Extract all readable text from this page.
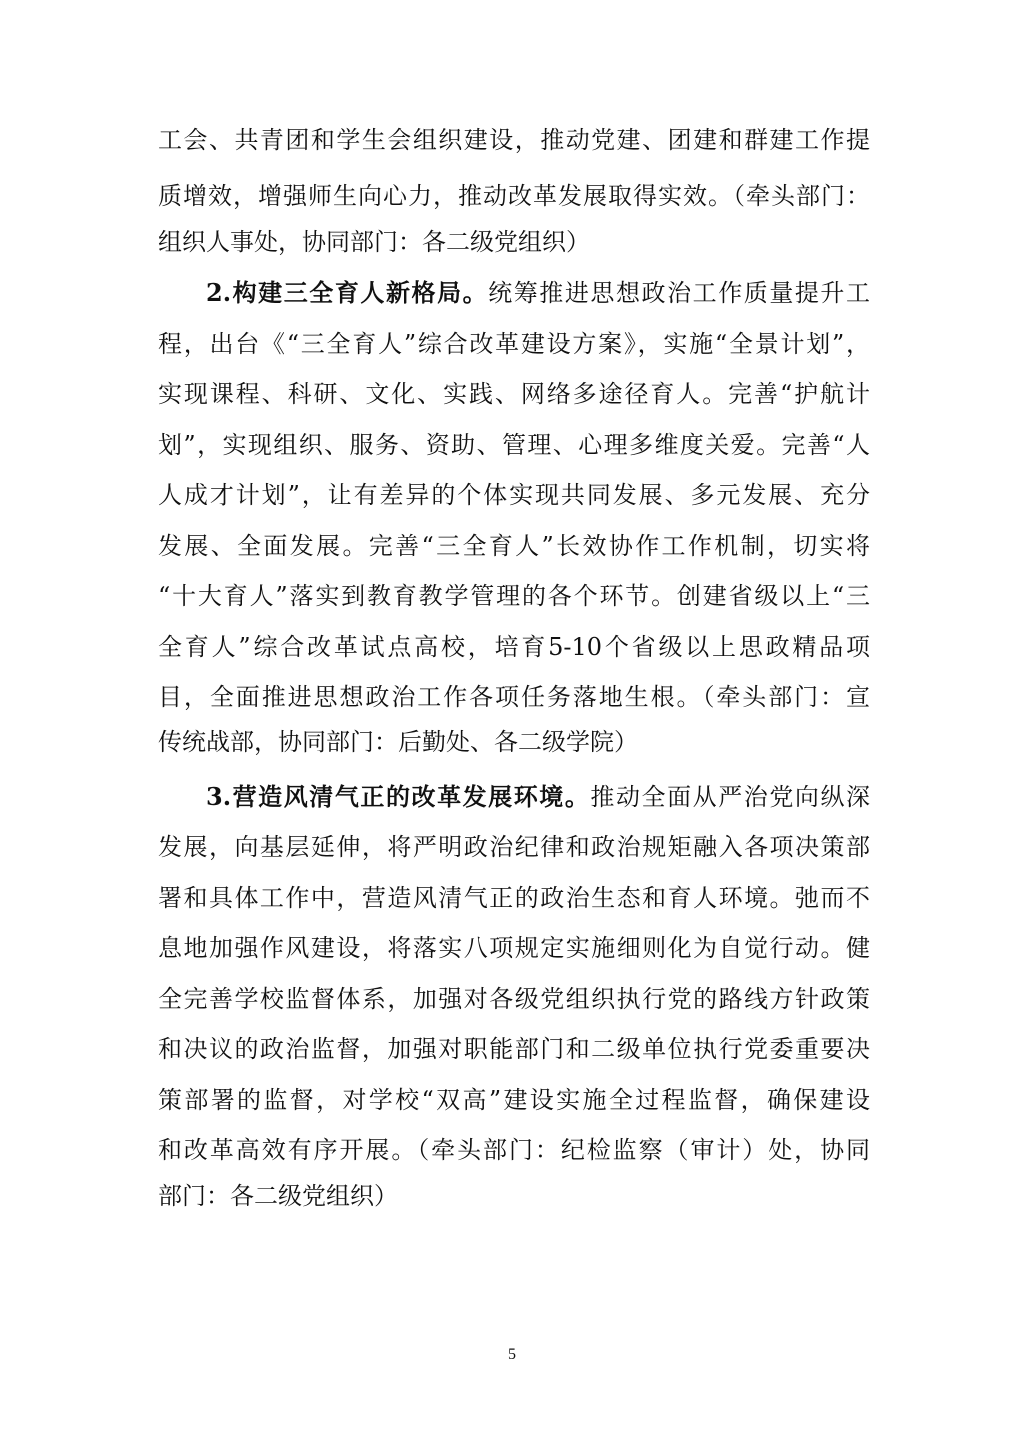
工会、共青团和学生会组织建设，推动党建、团建和群建工作提
质增效，增强师生向心力，推动改革发展取得实效。（牵头部门：
组织人事处，协同部门：各二级党组织）
2.构建三全育人新格局。统筹推进思想政治工作质量提升工
程，出台《“三全育人”综合改革建设方案》，实施“全景计划”，
实现课程、科研、文化、实践、网络多途径育人。完善“护航计
划”，实现组织、服务、资助、管理、心理多维度关爱。完善“人
人成才计划”，让有差异的个体实现共同发展、多元发展、充分
发展、全面发展。完善“三全育人”长效协作工作机制，切实将
“十大育人”落实到教育教学管理的各个环节。创建省级以上“三
全育人”综合改革试点高校，培育5-10个省级以上思政精品项
目，全面推进思想政治工作各项任务落地生根。（牵头部门：宣
传统战部，协同部门：后勤处、各二级学院）
3.营造风清气正的改革发展环境。推动全面从严治党向纵深
发展，向基层延伸，将严明政治纪律和政治规矩融入各项决策部
署和具体工作中，营造风清气正的政治生态和育人环境。弛而不
息地加强作风建设，将落实八项规定实施细则化为自觉行动。健
全完善学校监督体系，加强对各级党组织执行党的路线方针政策
和决议的政治监督，加强对职能部门和二级单位执行党委重要决
策部署的监督，对学校“双高”建设实施全过程监督，确保建设
和改革高效有序开展。（牵头部门：纪检监察（审计）处，协同
部门：各二级党组织）
5
